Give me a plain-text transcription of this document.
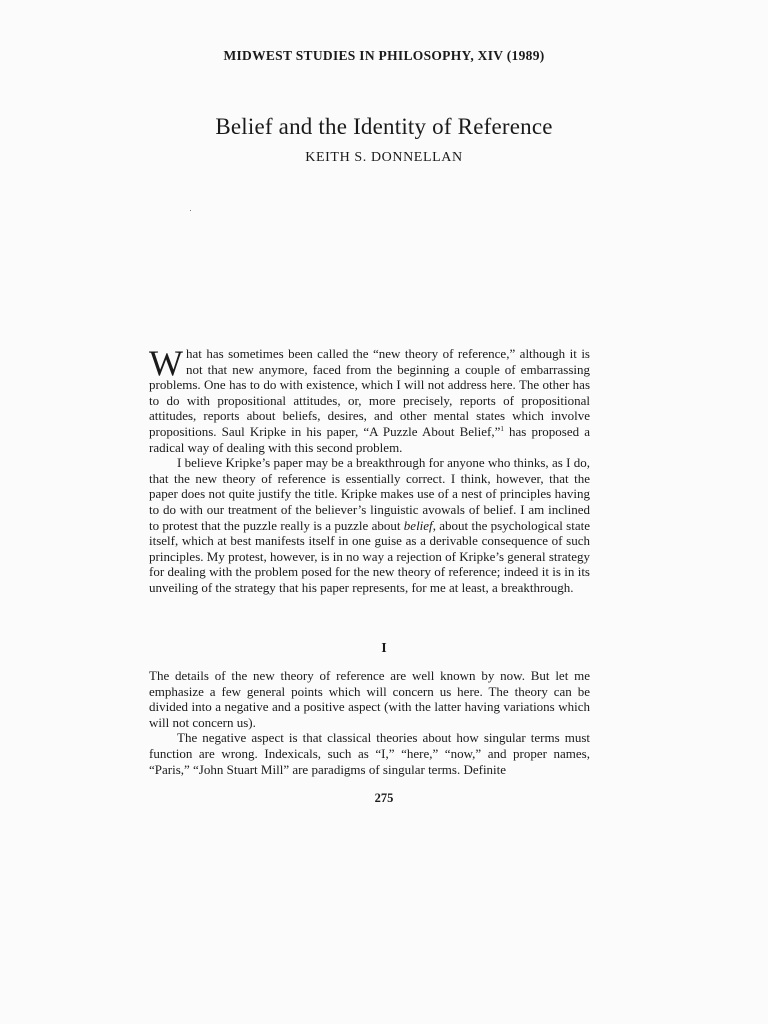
MIDWEST STUDIES IN PHILOSOPHY, XIV (1989)
Belief and the Identity of Reference
KEITH S. DONNELLAN

What has sometimes been called the “new theory of reference,” although it is not that new anymore, faced from the beginning a couple of embarrassing problems. One has to do with existence, which I will not address here. The other has to do with propositional attitudes, or, more precisely, reports of propositional attitudes, reports about beliefs, desires, and other mental states which involve propositions. Saul Kripke in his paper, “A Puzzle About Belief,”$^1$ has proposed a radical way of dealing with this second problem.

I believe Kripke’s paper may be a breakthrough for anyone who thinks, as I do, that the new theory of reference is essentially correct. I think, however, that the paper does not quite justify the title. Kripke makes use of a nest of principles having to do with our treatment of the believer’s linguistic avowals of belief. I am inclined to protest that the puzzle really is a puzzle about belief, about the psychological state itself, which at best manifests itself in one guise as a derivable consequence of such principles. My protest, however, is in no way a rejection of Kripke’s general strategy for dealing with the problem posed for the new theory of reference; indeed it is in its unveiling of the strategy that his paper represents, for me at least, a breakthrough.

I

The details of the new theory of reference are well known by now. But let me emphasize a few general points which will concern us here. The theory can be divided into a negative and a positive aspect (with the latter having variations which will not concern us).

The negative aspect is that classical theories about how singular terms must function are wrong. Indexicals, such as “I,” “here,” “now,” and proper names, “Paris,” “John Stuart Mill” are paradigms of singular terms. Definite

275
